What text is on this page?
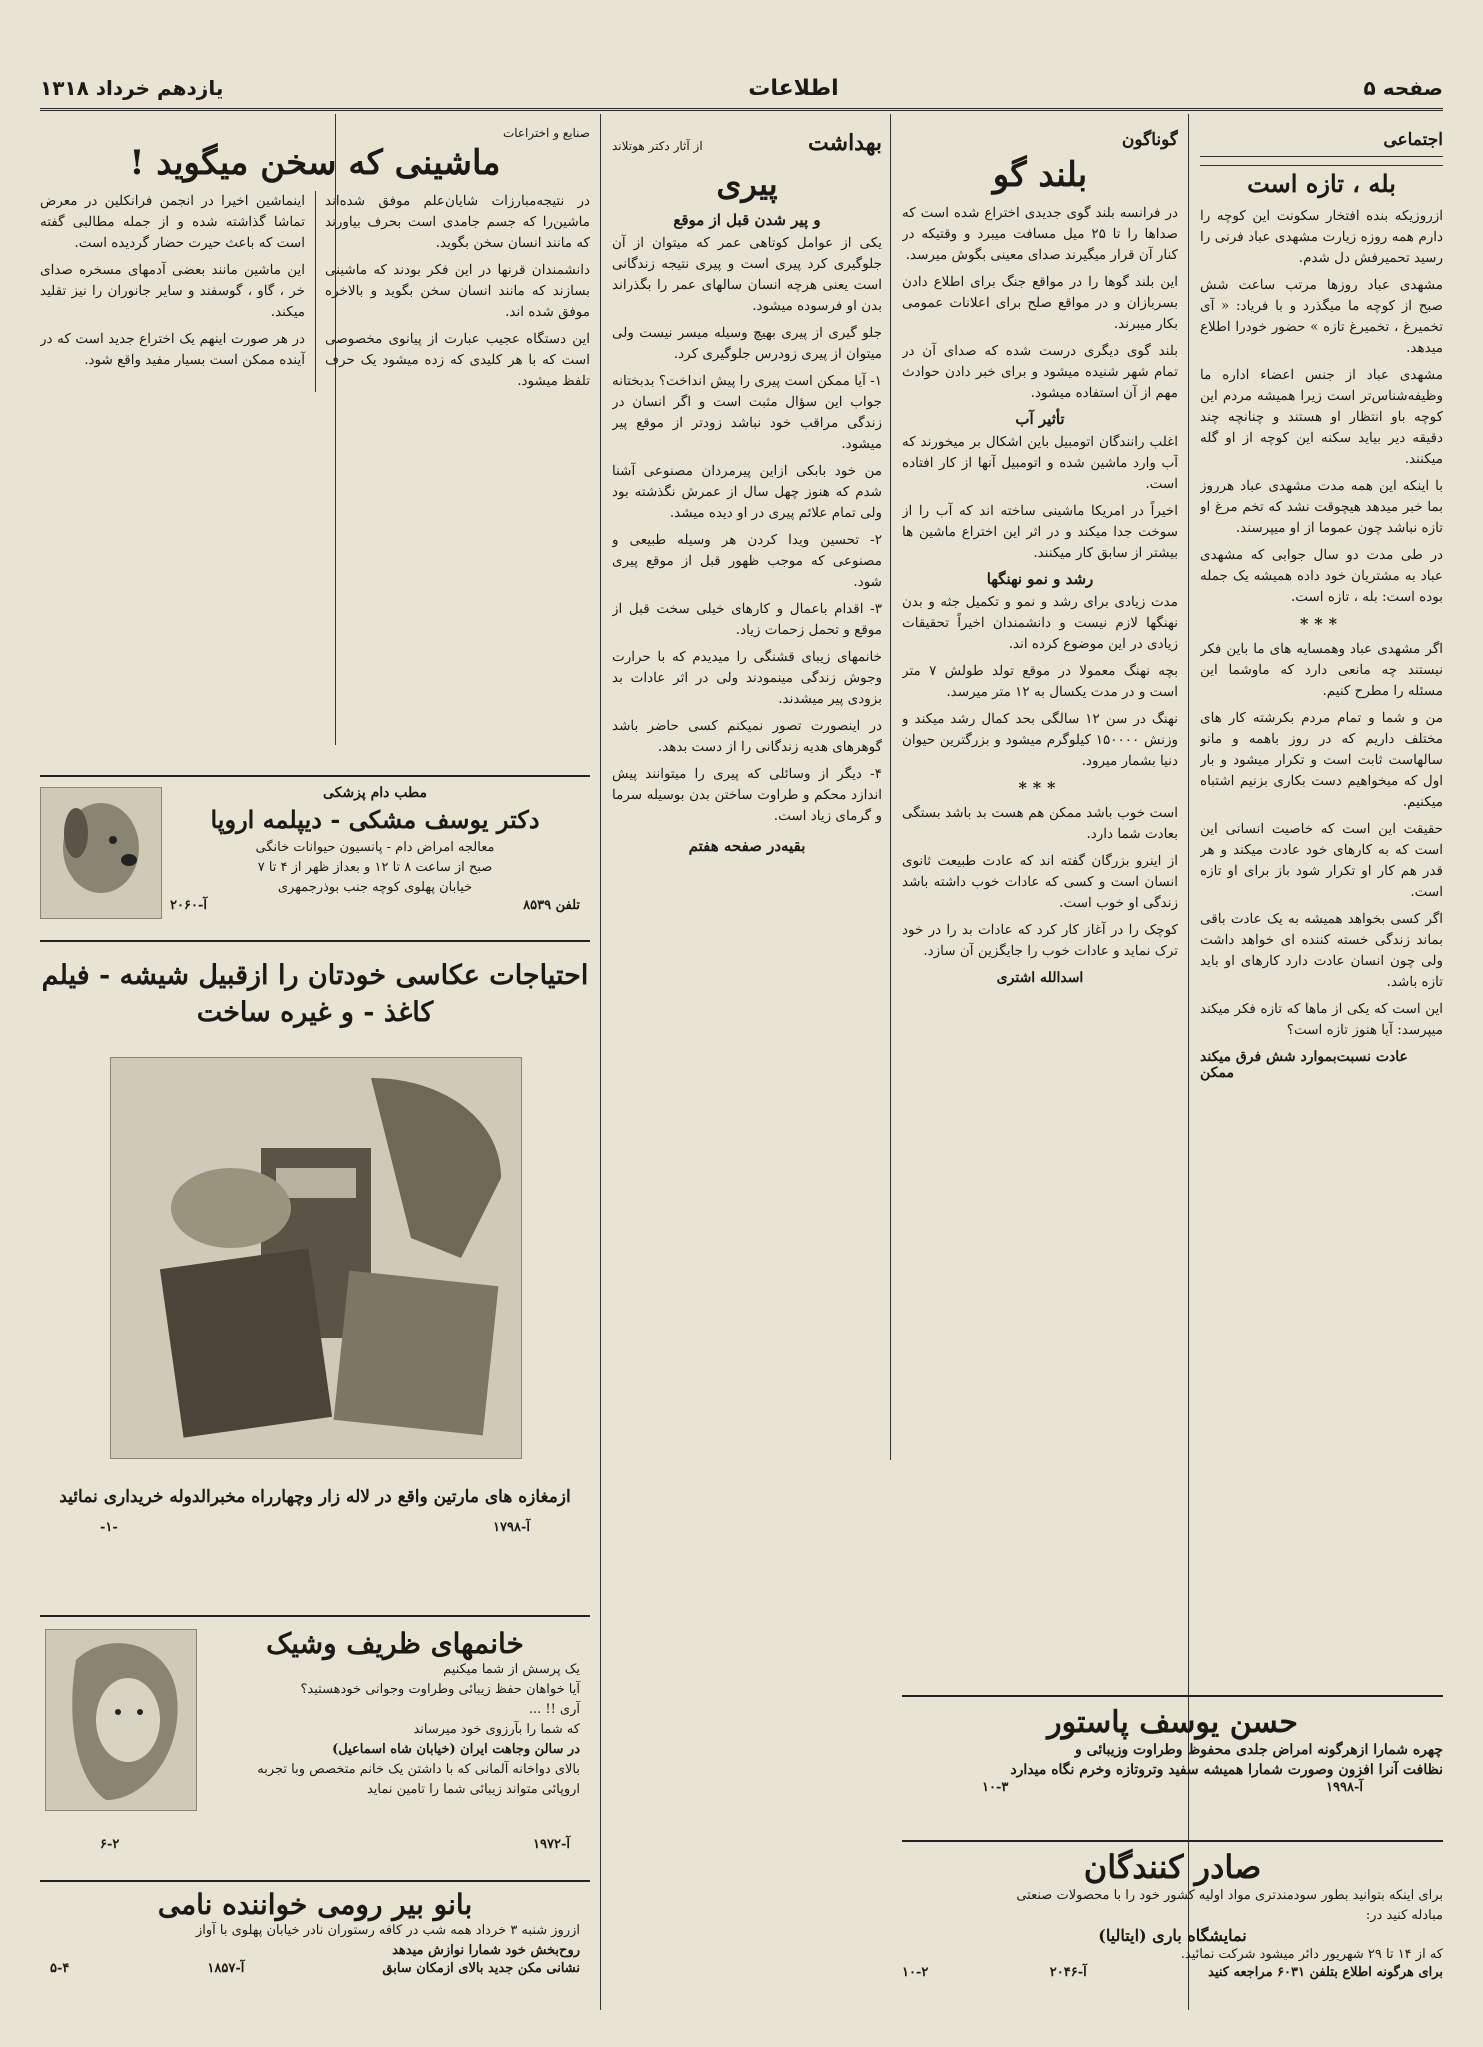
یازدهم خرداد ۱۳۱۸	اطلاعات	صفحه ۵
اجتماعی
بله ، تازه است

ازروزیکه بنده افتخار سکونت این کوچه را دارم همه روزه زیارت مشهدی عباد فرنی را رسید تحمیرفش دل شدم.

مشهدی عباد روزها مرتب ساعت شش صبح از کوچه ما میگذرد و با فریاد: « آی تخمیرغ ، تخمیرغ تازه » حضور خودرا اطلاع میدهد.

مشهدی عباد از جنس اعضاء اداره ما وظیفه‌شناس‌تر است زیرا همیشه مردم این کوچه باو انتظار او هستند و چنانچه چند دقیقه دیر بیاید سکنه این کوچه از او گله میکنند.

با اینکه این همه مدت مشهدی عباد هرروز بما خبر میدهد هیچوقت نشد که تخم مرغ او تازه نباشد چون عموما از او میپرسند.

در طی مدت دو سال جوابی که مشهدی عباد به مشتریان خود داده همیشه یک جمله بوده است: بله ، تازه است.

***

اگر مشهدی عباد وهمسایه های ما باین فکر نیستند چه مانعی دارد که ماوشما این مسئله را مطرح کنیم.

من و شما و تمام مردم بکرشته کار های مختلف داریم که در روز باهمه و مانو سالهاست ثابت است و تکرار میشود و بار اول که میخواهیم دست بکاری بزنیم اشتباه میکنیم.

حقیقت این است که خاصیت انسانی این است که به کارهای خود عادت میکند و هر قدر هم کار او تکرار شود باز برای او تازه است.

اگر کسی بخواهد همیشه به یک عادت باقی بماند زندگی خسته کننده ای خواهد داشت ولی چون انسان عادت دارد کارهای او باید تازه باشد.

این است که یکی از ماها که تازه فکر میکند میپرسد: آیا هنوز تازه است؟

عادت نسبت‌بموارد شش فرق میکند ممکن
گوناگون
بلند گو

در فرانسه بلند گوی جدیدی اختراع شده است که صداها را تا ۲۵ میل مسافت میبرد و وقتیکه در کنار آن قرار میگیرند صدای معینی بگوش میرسد.

این بلند گوها را در مواقع جنگ برای اطلاع دادن بسربازان و در مواقع صلح برای اعلانات عمومی بکار میبرند.

بلند گوی دیگری درست شده که صدای آن در تمام شهر شنیده میشود و برای خبر دادن حوادث مهم از آن استفاده میشود.

تأثیر آب

اغلب رانندگان اتومبیل باین اشکال بر میخورند که آب وارد ماشین شده و اتومبیل آنها از کار افتاده است.

اخیراً در امریکا ماشینی ساخته اند که آب را از سوخت جدا میکند و در اثر این اختراع ماشین ها بیشتر از سابق کار میکنند.

رشد و نمو نهنگها

مدت زیادی برای رشد و نمو و تکمیل جثه و بدن نهنگها لازم نیست و دانشمندان اخیراً تحقیقات زیادی در این موضوع کرده اند.

بچه نهنگ معمولا در موقع تولد طولش ۷ متر است و در مدت یکسال به ۱۲ متر میرسد.

نهنگ در سن ۱۲ سالگی بحد کمال رشد میکند و وزنش ۱۵۰۰۰۰ کیلوگرم میشود و بزرگترین حیوان دنیا بشمار میرود.

***

است خوب باشد ممکن هم هست بد باشد بستگی بعادت شما دارد.

از اینرو بزرگان گفته اند که عادت طبیعت ثانوی انسان است و کسی که عادات خوب داشته باشد زندگی او خوب است.

کوچک را در آغاز کار کرد که عادات بد را در خود ترک نماید و عادات خوب را جایگزین آن سازد.

اسدالله اشتری
بهداشت
از آثار دکتر هوتلاند
پیری
و پیر شدن قبل از موقع

یکی از عوامل کوتاهی عمر که میتوان از آن جلوگیری کرد پیری است و پیری نتیجه زندگانی است یعنی هرچه انسان سالهای عمر را بگذراند بدن او فرسوده میشود.

جلو گیری از پیری بهیچ وسیله میسر نیست ولی میتوان از پیری زودرس جلوگیری کرد.

۱- آیا ممکن است پیری را پیش انداخت؟ بدبختانه جواب این سؤال مثبت است و اگر انسان در زندگی مراقب خود نباشد زودتر از موقع پیر میشود.

من خود بابکی ازاین پیرمردان مصنوعی آشنا شدم که هنوز چهل سال از عمرش نگذشته بود ولی تمام علائم پیری در او دیده میشد.

۲- تحسین ویدا کردن هر وسیله طبیعی و مصنوعی که موجب ظهور قبل از موقع پیری شود.

۳- اقدام باعمال و کارهای خیلی سخت قبل از موقع و تحمل زحمات زیاد.

خانمهای زیبای قشنگی را میدیدم که با حرارت وجوش زندگی مینمودند ولی در اثر عادات بد بزودی پیر میشدند.

در اینصورت تصور نمیکنم کسی حاضر باشد گوهرهای هدیه زندگانی را از دست بدهد.

۴- دیگر از وسائلی که پیری را میتوانند پیش اندازد محکم و طراوت ساختن بدن بوسیله سرما و گرمای زیاد است.

بقیه‌در صفحه هفتم
صنایع و اختراعات
ماشینی که سخن میگوید !

در نتیجه‌مبارزات شایان‌علم موفق شده‌اند ماشین‌را که جسم جامدی است بحرف بیاورند که مانند انسان سخن بگوید.

دانشمندان قرنها در این فکر بودند که ماشینی بسازند که مانند انسان سخن بگوید و بالاخره موفق شده اند.

این دستگاه عجیب عبارت از پیانوی مخصوصی است که با هر کلیدی که زده میشود یک حرف تلفظ میشود.

اینماشین اخیرا در انجمن فرانکلین در معرض تماشا گذاشته شده و از جمله مطالبی گفته است که باعث حیرت حضار گردیده است.

این ماشین مانند بعضی آدمهای مسخره صدای خر ، گاو ، گوسفند و سایر جانوران را نیز تقلید میکند.

در هر صورت اینهم یک اختراع جدید است که در آینده ممکن است بسیار مفید واقع شود.

مطب دام پزشکی
دکتر یوسف مشکی - دیپلمه اروپا

معالجه امراض دام - پانسیون حیوانات خانگی

صبح از ساعت ۸ تا ۱۲ و بعداز ظهر از ۴ تا ۷

خیابان پهلوی کوچه جنب بوذرجمهری

تلفن ۸۵۳۹
آ-۲۰۶۰
احتیاجات عکاسی خودتان را ازقبیل شیشه - فیلم
کاغذ - و غیره ساخت
ازمغازه های مارتین واقع در لاله زار وچهارراه مخبرالدوله خریداری نمائید
آ-۱۷۹۸
-۱-
خانمهای ظریف وشیک

یک پرسش از شما میکنیم

آیا خواهان حفظ زیبائی وطراوت وجوانی خودهستید؟

آری !! ...

که شما را بآرزوی خود میرساند

در سالن وجاهت ایران (خیابان شاه اسماعیل)

بالای دواخانه آلمانی که با داشتن یک خانم متخصص وبا تجربه

اروپائی متواند زیبائی شما را تامین نماید

آ-۱۹۷۲
۶-۲
بانو بیر رومی خواننده نامی

ازروز شنبه ۳ خرداد همه شب در کافه رستوران نادر خیابان پهلوی با آواز

روح‌بخش خود شمارا نوازش میدهد

نشانی مکن جدید بالای ازمکان سابق
آ-۱۸۵۷
۵-۴
حسن یوسف پاستور

چهره شمارا ازهرگونه امراض جلدی محفوظ وطراوت وزیبائی و

نظافت آنرا افزون وصورت شمارا همیشه سفید وتروتازه وخرم نگاه میدارد

آ-۱۹۹۸
۱۰-۳
صادر کنندگان

برای اینکه بتوانید بطور سودمندتری مواد اولیه کشور خود را با محصولات صنعتی

مبادله کنید در:

نمایشگاه باری (ایتالیا)

که از ۱۴ تا ۲۹ شهریور دائر میشود شرکت نمائید.

برای هرگونه اطلاع بتلفن ۶۰۳۱ مراجعه کنید
آ-۲۰۴۶
۱۰-۲
